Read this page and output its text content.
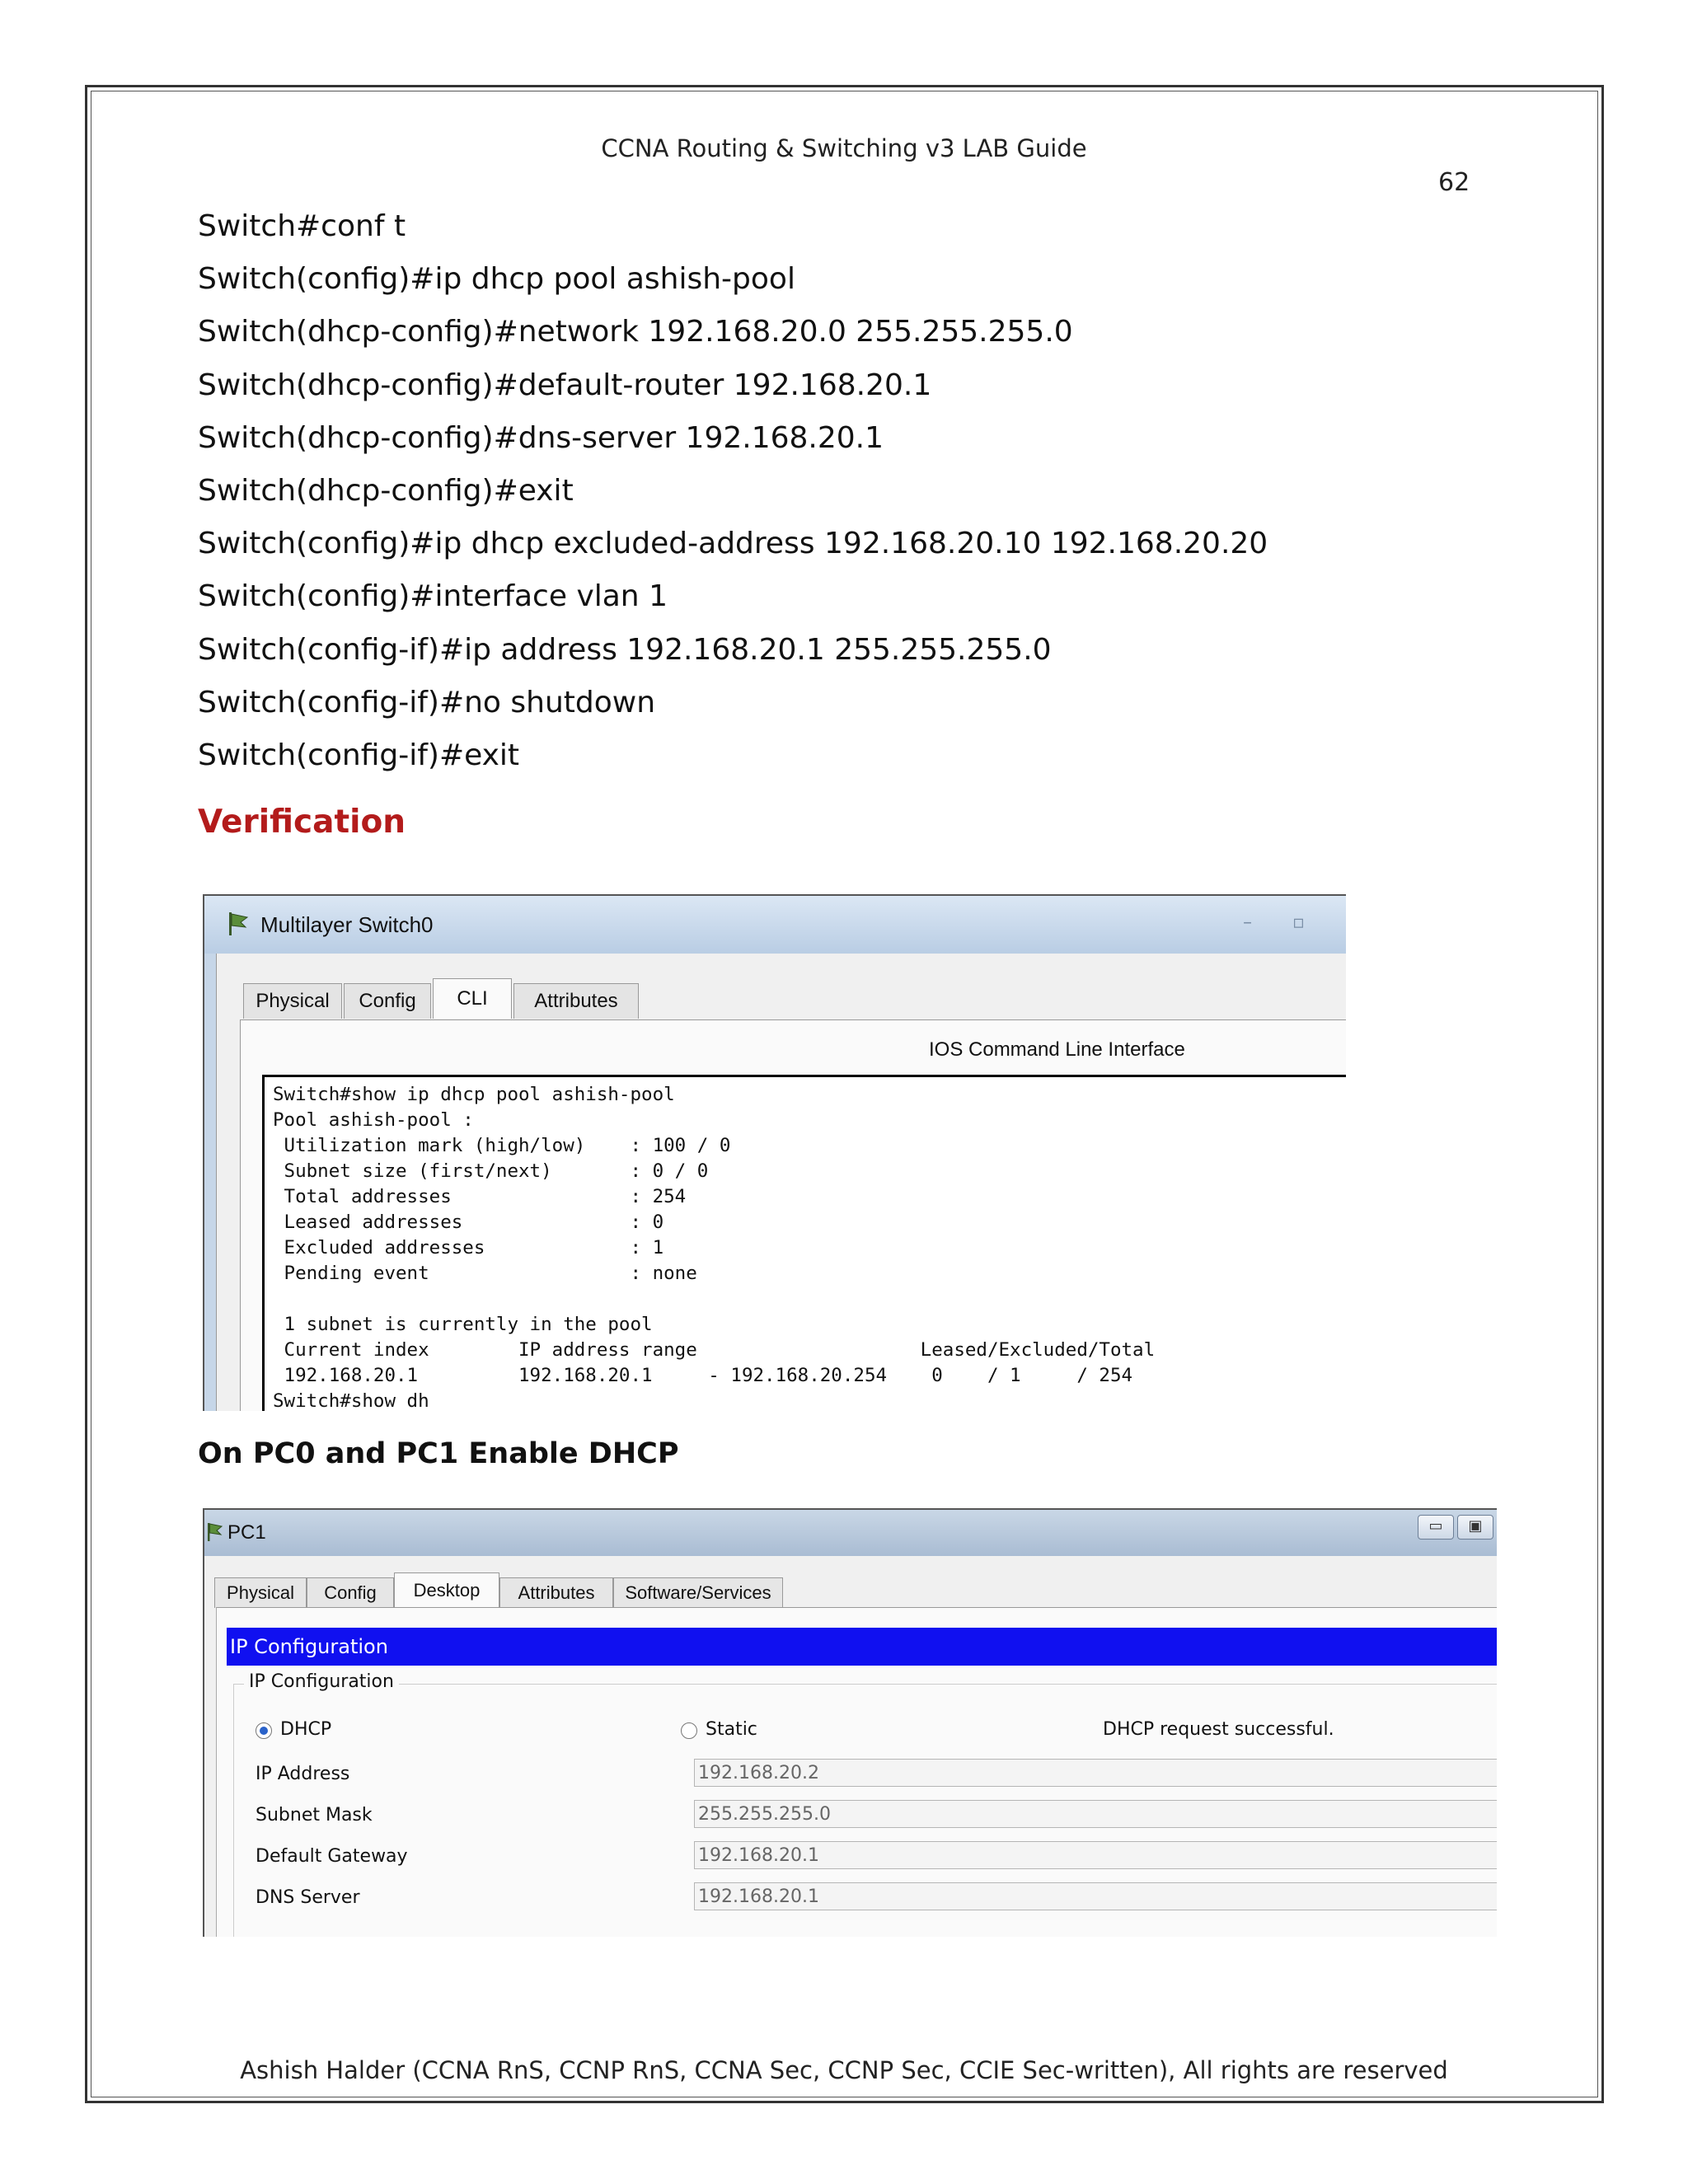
CCNA Routing & Switching v3 LAB Guide
62
Switch#conf t
Switch(config)#ip dhcp pool ashish-pool
Switch(dhcp-config)#network 192.168.20.0 255.255.255.0
Switch(dhcp-config)#default-router 192.168.20.1
Switch(dhcp-config)#dns-server 192.168.20.1
Switch(dhcp-config)#exit
Switch(config)#ip dhcp excluded-address 192.168.20.10 192.168.20.20
Switch(config)#interface vlan 1
Switch(config-if)#ip address 192.168.20.1 255.255.255.0
Switch(config-if)#no shutdown
Switch(config-if)#exit
Verification
Multilayer Switch0	–	▫
Physical	Config	CLI	Attributes
IOS Command Line Interface
Switch#show ip dhcp pool ashish-pool
Pool ashish-pool :
Utilization mark (high/low)    : 100 / 0
Subnet size (first/next)       : 0 / 0
Total addresses                : 254
Leased addresses               : 0
Excluded addresses             : 1
Pending event                  : none

1 subnet is currently in the pool
Current index        IP address range                    Leased/Excluded/Total
192.168.20.1         192.168.20.1     - 192.168.20.254    0    / 1     / 254
Switch#show dh
On PC0 and PC1 Enable DHCP
PC1	▭ ▣
Physical	Config	Desktop	Attributes	Software/Services
IP Configuration
IP Configuration
DHCP	Static	DHCP request successful.
IP Address	192.168.20.2
Subnet Mask	255.255.255.0
Default Gateway	192.168.20.1
DNS Server	192.168.20.1
Ashish Halder (CCNA RnS, CCNP RnS, CCNA Sec, CCNP Sec, CCIE Sec-written), All rights are reserved
